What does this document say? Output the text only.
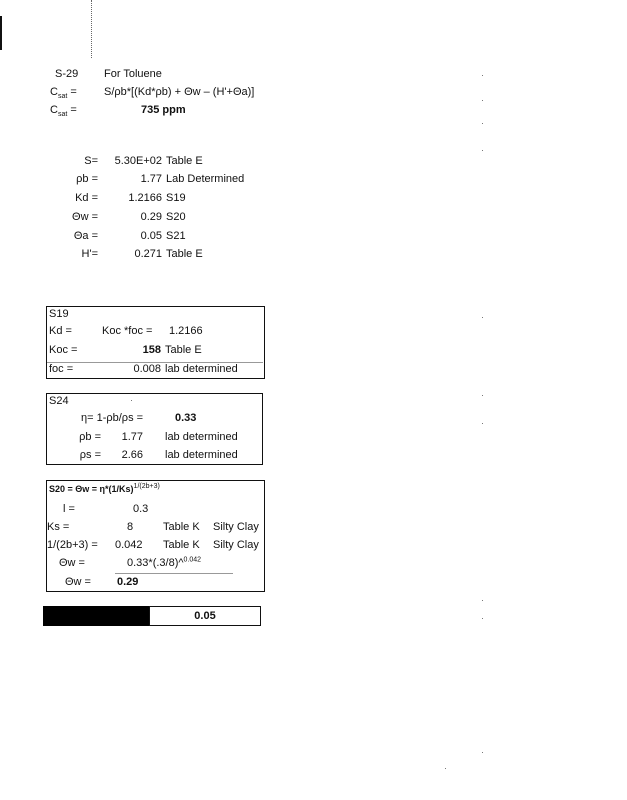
S-29 For Toluene
$C_{sat} = S/\rho b*[(Kd*\rho b) + \Theta w - (H'+\Theta a)]$
$C_{sat}$ =	735 ppm
S=	5.30E+02 Table E
ρb =	1.77 Lab Determined
Kd =	1.2166 S19
Θw =	0.29 S20
Θa =	0.05 S21
H'=	0.271 Table E
S19
Kd =	Koc *foc = 1.2166
Koc =	158 Table E
foc =	0.008 lab determined
S24
η= 1-ρb/ρs =	0.33
ρb =	1.77 lab determined
ρs =	2.66 lab determined
$S20 = \Theta w = \eta*(1/Ks)^{1/(2b+3)}$
l =	0.3
Ks =	8	Table K Silty Clay
1/(2b+3) = 0.042 Table K Silty Clay
Θw =	0.33*(.3/8)^$^{0.042}$
Θw = 0.29
0.05
